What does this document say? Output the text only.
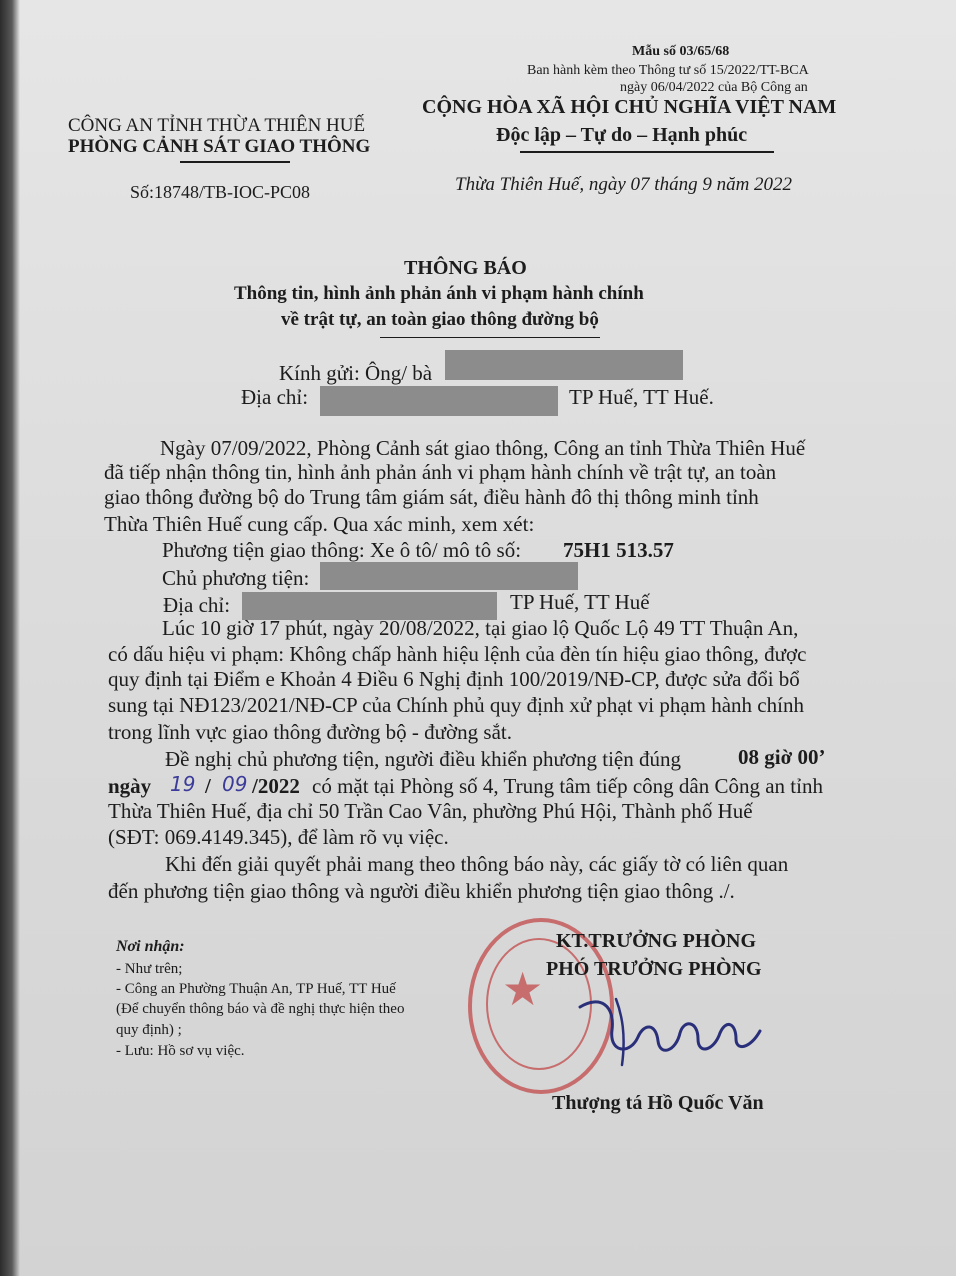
Mẫu số 03/65/68
Ban hành kèm theo Thông tư số 15/2022/TT-BCA
ngày 06/04/2022 của Bộ Công an
CÔNG AN TỈNH THỪA THIÊN HUẾ
PHÒNG CẢNH SÁT GIAO THÔNG
Số:18748/TB-IOC-PC08
CỘNG HÒA XÃ HỘI CHỦ NGHĨA VIỆT NAM
Độc lập – Tự do – Hạnh phúc
Thừa Thiên Huế, ngày 07 tháng 9 năm 2022
THÔNG BÁO
Thông tin, hình ảnh phản ánh vi phạm hành chính
về trật tự, an toàn giao thông đường bộ
Kính gửi: Ông/ bà
Địa chỉ:	TP Huế, TT Huế.
Ngày 07/09/2022, Phòng Cảnh sát giao thông, Công an tỉnh Thừa Thiên Huế
đã tiếp nhận thông tin, hình ảnh phản ánh vi phạm hành chính về trật tự, an toàn
giao thông đường bộ do Trung tâm giám sát, điều hành đô thị thông minh tỉnh
Thừa Thiên Huế cung cấp. Qua xác minh, xem xét:
Phương tiện giao thông: Xe ô tô/ mô tô số: 75H1 513.57
Chủ phương tiện:
Địa chỉ:	TP Huế, TT Huế
Lúc 10 giờ 17 phút, ngày 20/08/2022, tại giao lộ Quốc Lộ 49 TT Thuận An,
có dấu hiệu vi phạm: Không chấp hành hiệu lệnh của đèn tín hiệu giao thông, được
quy định tại Điểm e Khoản 4 Điều 6 Nghị định 100/2019/NĐ-CP, được sửa đổi bổ
sung tại NĐ123/2021/NĐ-CP của Chính phủ quy định xử phạt vi phạm hành chính
trong lĩnh vực giao thông đường bộ - đường sắt.
Đề nghị chủ phương tiện, người điều khiển phương tiện đúng	08 giờ 00’
ngày 19 / 09 /2022 có mặt tại Phòng số 4, Trung tâm tiếp công dân Công an tỉnh
Thừa Thiên Huế, địa chỉ 50 Trần Cao Vân, phường Phú Hội, Thành phố Huế
(SĐT: 069.4149.345), để làm rõ vụ việc.
Khi đến giải quyết phải mang theo thông báo này, các giấy tờ có liên quan
đến phương tiện giao thông và người điều khiển phương tiện giao thông ./.
Nơi nhận:
- Như trên;
- Công an Phường Thuận An, TP Huế, TT Huế
(Để chuyển thông báo và đề nghị thực hiện theo
quy định) ;
- Lưu: Hồ sơ vụ việc.
★
KT.TRƯỞNG PHÒNG
PHÓ TRƯỞNG PHÒNG
Thượng tá Hồ Quốc Văn
